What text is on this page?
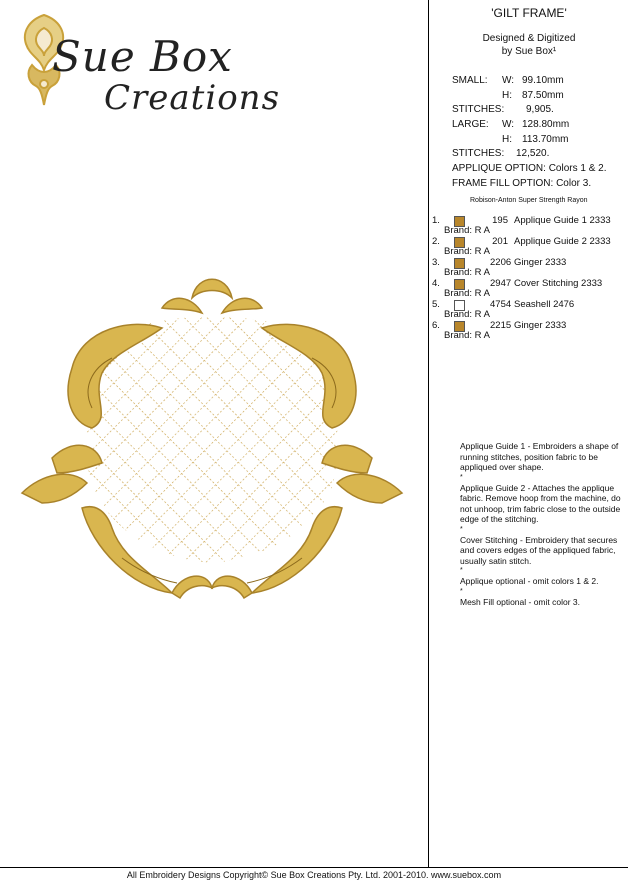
Sue Box
Creations
'GILT FRAME'
Designed & Digitized
by Sue Box¹
SMALL: W: 99.10mm
H: 87.50mm
STITCHES: 9,905.
LARGE: W: 128.80mm
H: 113.70mm
STITCHES: 12,520.
APPLIQUE OPTION: Colors 1 & 2.
FRAME FILL OPTION: Color 3.
Robison-Anton Super Strength Rayon
1.	195 Applique Guide 1 2333
Brand: R A
2.	201 Applique Guide 2 2333
Brand: R A
3.	2206 Ginger 2333
Brand: R A
4.	2947 Cover Stitching 2333
Brand: R A
5.	4754 Seashell 2476
Brand: R A
6.	2215 Ginger 2333
Brand: R A

Applique Guide 1 - Embroiders a shape of running stitches, position fabric to be appliqued over shape.

*

Applique Guide 2 - Attaches the applique fabric. Remove hoop from the machine, do not unhoop, trim fabric close to the outside edge of the stitching.

*

Cover Stitching - Embroidery that secures and covers edges of the appliqued fabric, usually satin stitch.

*

Applique optional - omit colors 1 & 2.

*

Mesh Fill optional - omit color 3.

All Embroidery Designs Copyright© Sue Box Creations Pty. Ltd. 2001-2010. www.suebox.com
